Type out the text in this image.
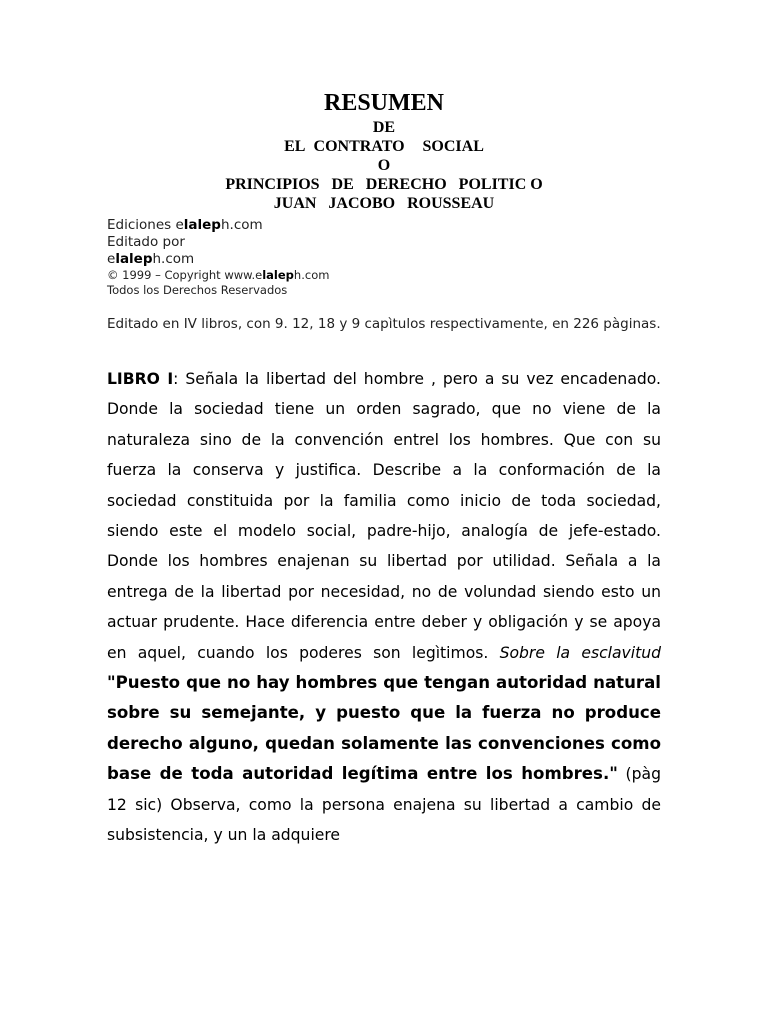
RESUMEN
DE
EL CONTRATO  SOCIAL
O
PRINCIPIOS   DE   DERECHO   POLITIC O
JUAN   JACOBO   ROUSSEAU
Ediciones elaleph.com
Editado por
elaleph.com
© 1999 – Copyright www.elaleph.com
Todos los Derechos Reservados
Editado en IV libros, con 9. 12, 18 y 9 capìtulos respectivamente, en 226 pàginas.

LIBRO I: Señala la libertad del hombre , pero a su vez encadenado. Donde la sociedad tiene un orden sagrado, que no viene de la naturaleza sino de la convención entrel los hombres. Que con su fuerza la conserva y justifica. Describe a la conformación de la sociedad constituida por la familia como inicio de toda sociedad, siendo este el modelo social, padre-hijo, analogía de jefe-estado. Donde los hombres enajenan su libertad por utilidad. Señala a la entrega de la libertad por necesidad, no de volundad siendo esto un actuar prudente. Hace diferencia entre deber y obligación y se apoya en aquel, cuando los poderes son legìtimos. Sobre la esclavitud "Puesto que no hay hombres que tengan autoridad natural sobre su semejante, y puesto que la fuerza no produce derecho alguno, quedan solamente las convenciones como base de toda autoridad legítima entre los hombres." (pàg 12 sic) Observa, como la persona enajena su libertad a cambio de subsistencia, y un la adquiere
